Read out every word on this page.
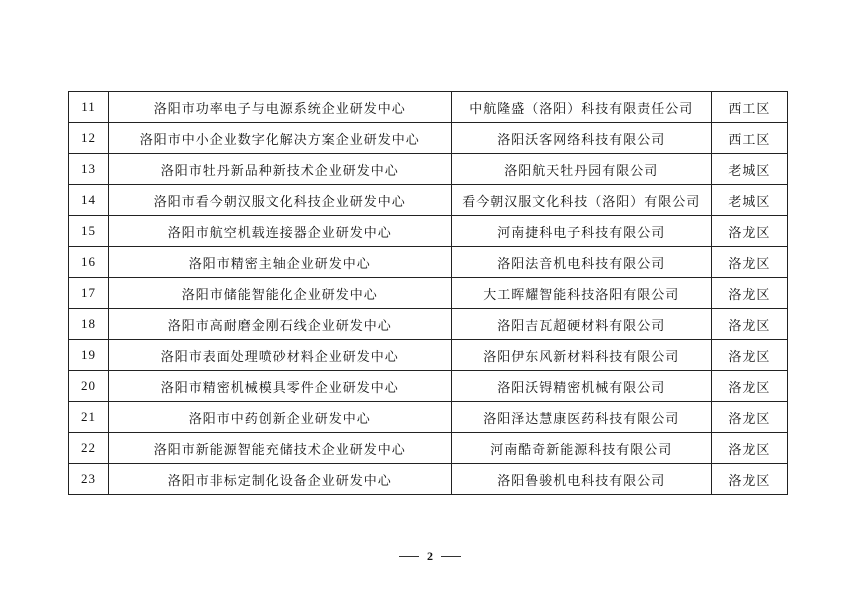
11	洛阳市功率电子与电源系统企业研发中心	中航隆盛（洛阳）科技有限责任公司	西工区
12	洛阳市中小企业数字化解决方案企业研发中心	洛阳沃客网络科技有限公司	西工区
13	洛阳市牡丹新品种新技术企业研发中心	洛阳航天牡丹园有限公司	老城区
14	洛阳市看今朝汉服文化科技企业研发中心	看今朝汉服文化科技（洛阳）有限公司	老城区
15	洛阳市航空机载连接器企业研发中心	河南捷科电子科技有限公司	洛龙区
16	洛阳市精密主轴企业研发中心	洛阳法音机电科技有限公司	洛龙区
17	洛阳市储能智能化企业研发中心	大工晖耀智能科技洛阳有限公司	洛龙区
18	洛阳市高耐磨金刚石线企业研发中心	洛阳吉瓦超硬材料有限公司	洛龙区
19	洛阳市表面处理喷砂材料企业研发中心	洛阳伊东风新材料科技有限公司	洛龙区
20	洛阳市精密机械模具零件企业研发中心	洛阳沃锝精密机械有限公司	洛龙区
21	洛阳市中药创新企业研发中心	洛阳泽达慧康医药科技有限公司	洛龙区
22	洛阳市新能源智能充储技术企业研发中心	河南酷奇新能源科技有限公司	洛龙区
23	洛阳市非标定制化设备企业研发中心	洛阳鲁骏机电科技有限公司	洛龙区
2
